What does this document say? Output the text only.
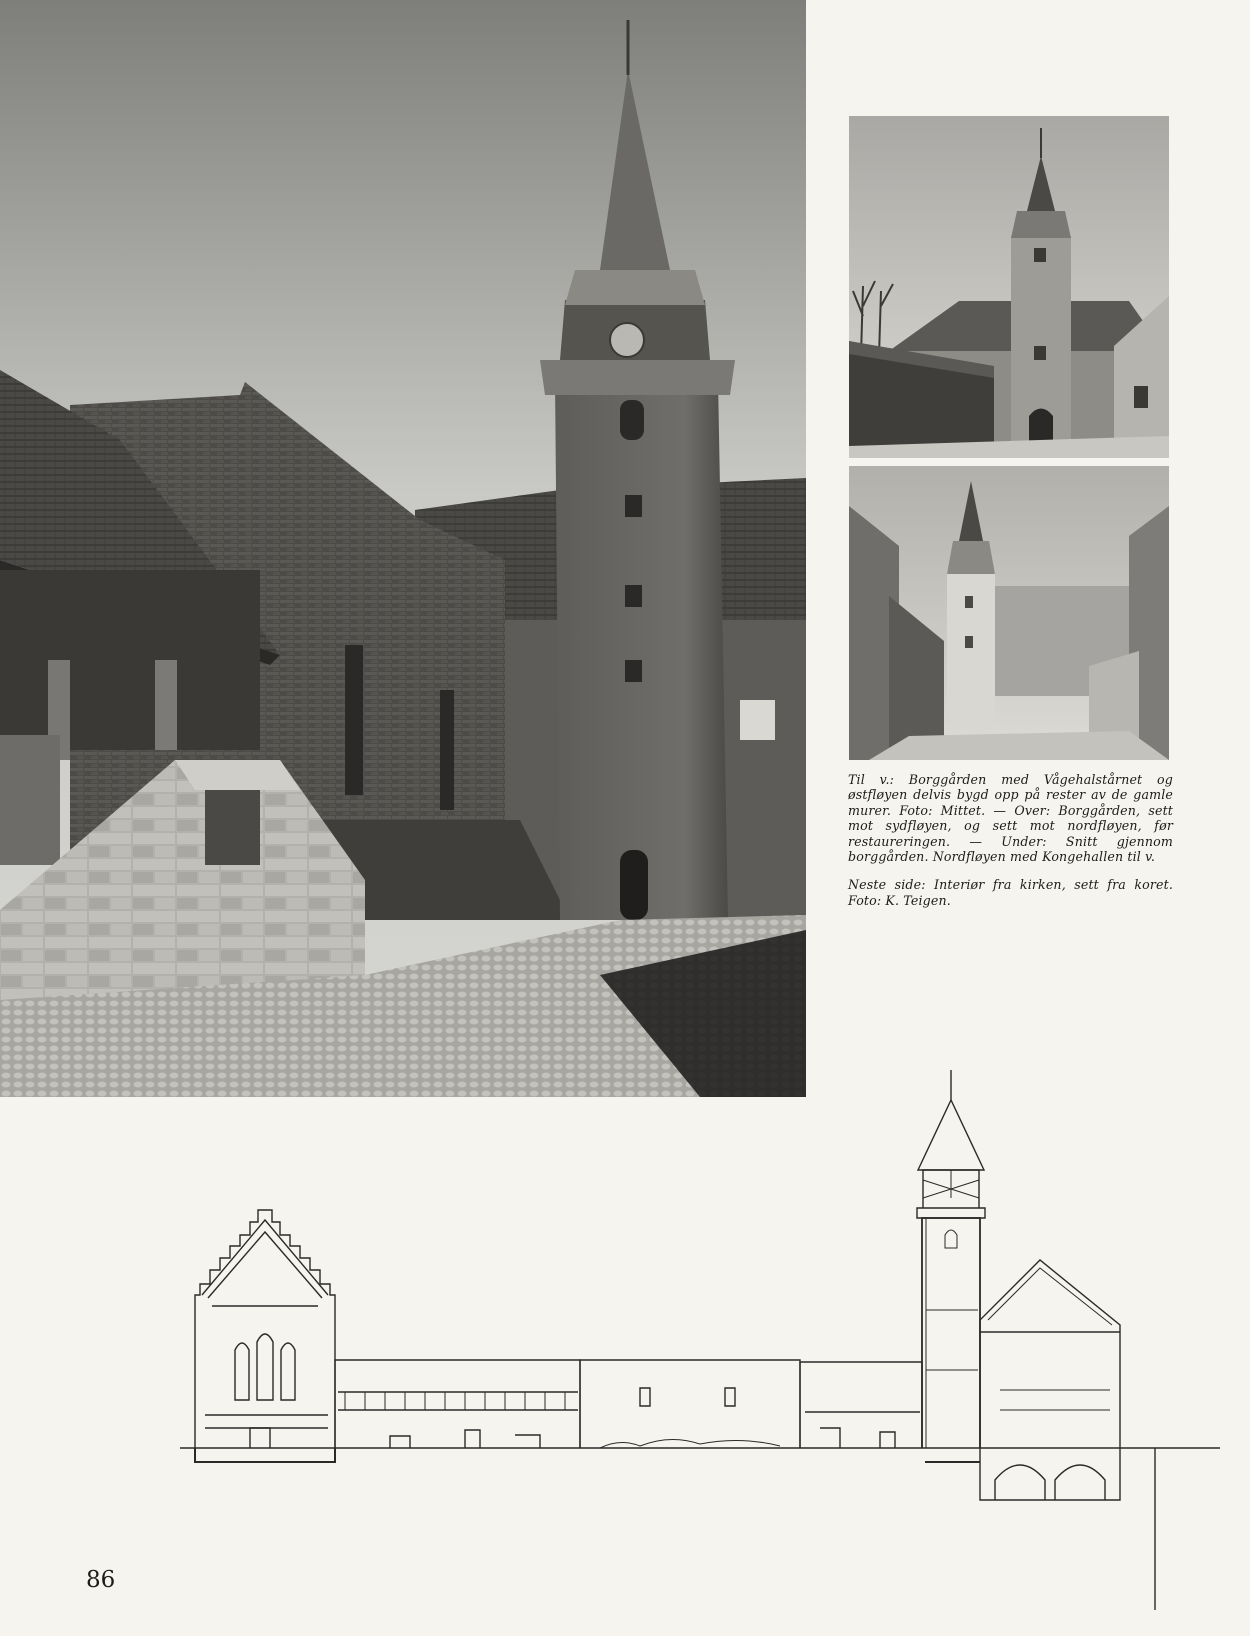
Til v.: Borggården med Vågehalstårnet og østfløyen delvis bygd opp på rester av de gamle murer. Foto: Mittet. — Over: Borggården, sett mot sydfløyen, og sett mot nordfløyen, før restaureringen. — Under: Snitt gjennom borggården. Nordfløyen med Kongehallen til v.

Neste side: Interiør fra kirken, sett fra koret. Foto: K. Teigen.

86
